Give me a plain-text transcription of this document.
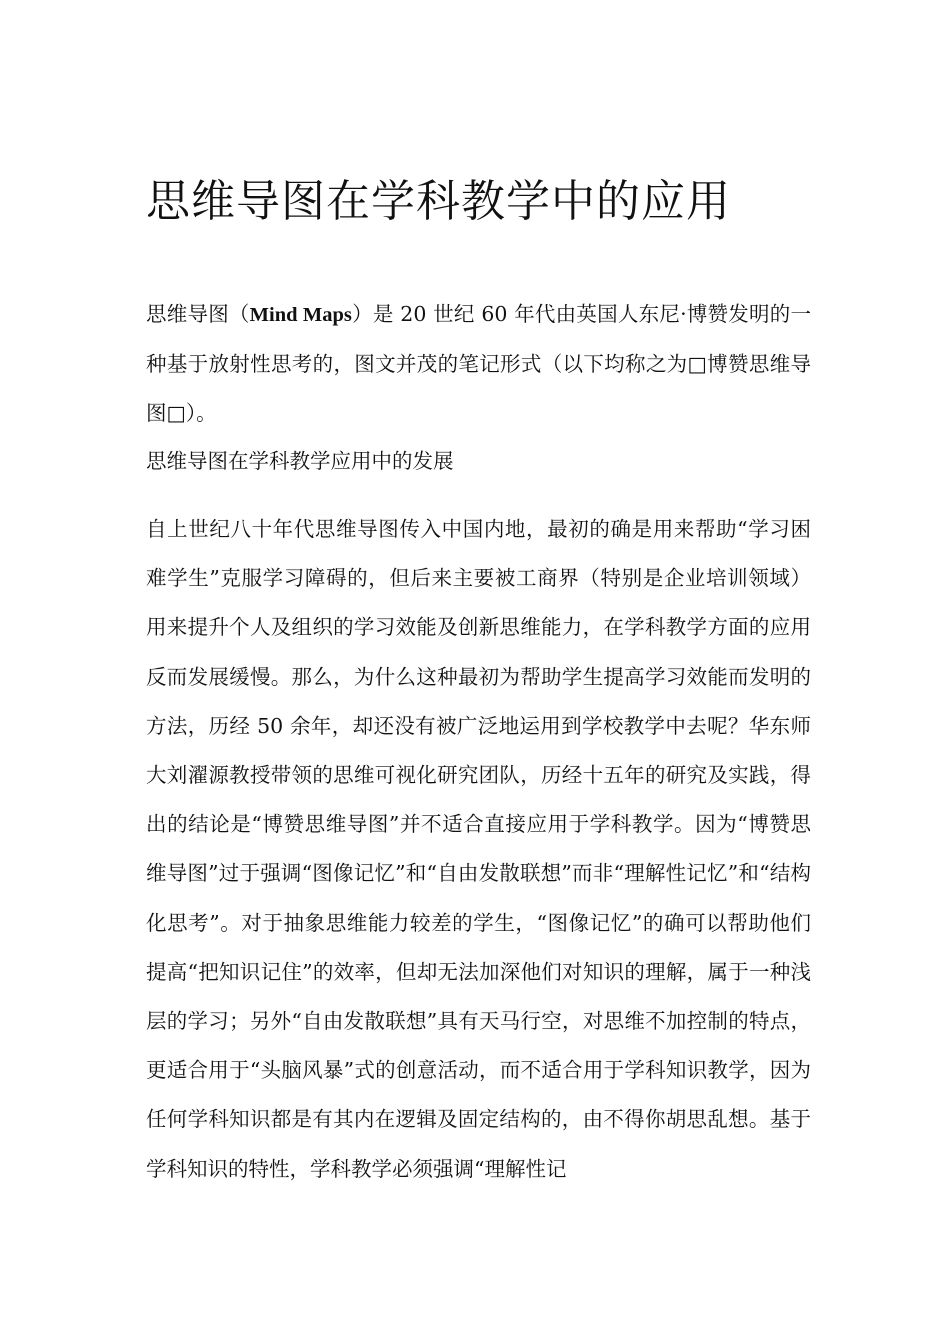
思维导图在学科教学中的应用

思维导图（Mind Maps）是 20 世纪 60 年代由英国人东尼·博赞发明的一种基于放射性思考的，图文并茂的笔记形式（以下均称之为□博赞思维导图□）。

思维导图在学科教学应用中的发展

自上世纪八十年代思维导图传入中国内地，最初的确是用来帮助“学习困难学生”克服学习障碍的，但后来主要被工商界（特别是企业培训领域）用来提升个人及组织的学习效能及创新思维能力，在学科教学方面的应用反而发展缓慢。那么，为什么这种最初为帮助学生提高学习效能而发明的方法，历经 50 余年，却还没有被广泛地运用到学校教学中去呢？华东师大刘濯源教授带领的思维可视化研究团队，历经十五年的研究及实践，得出的结论是“博赞思维导图”并不适合直接应用于学科教学。因为“博赞思维导图”过于强调“图像记忆”和“自由发散联想”而非“理解性记忆”和“结构化思考”。对于抽象思维能力较差的学生，“图像记忆”的确可以帮助他们提高“把知识记住”的效率，但却无法加深他们对知识的理解，属于一种浅层的学习；另外“自由发散联想”具有天马行空，对思维不加控制的特点，更适合用于“头脑风暴”式的创意活动，而不适合用于学科知识教学，因为任何学科知识都是有其内在逻辑及固定结构的，由不得你胡思乱想。基于学科知识的特性，学科教学必须强调“理解性记
